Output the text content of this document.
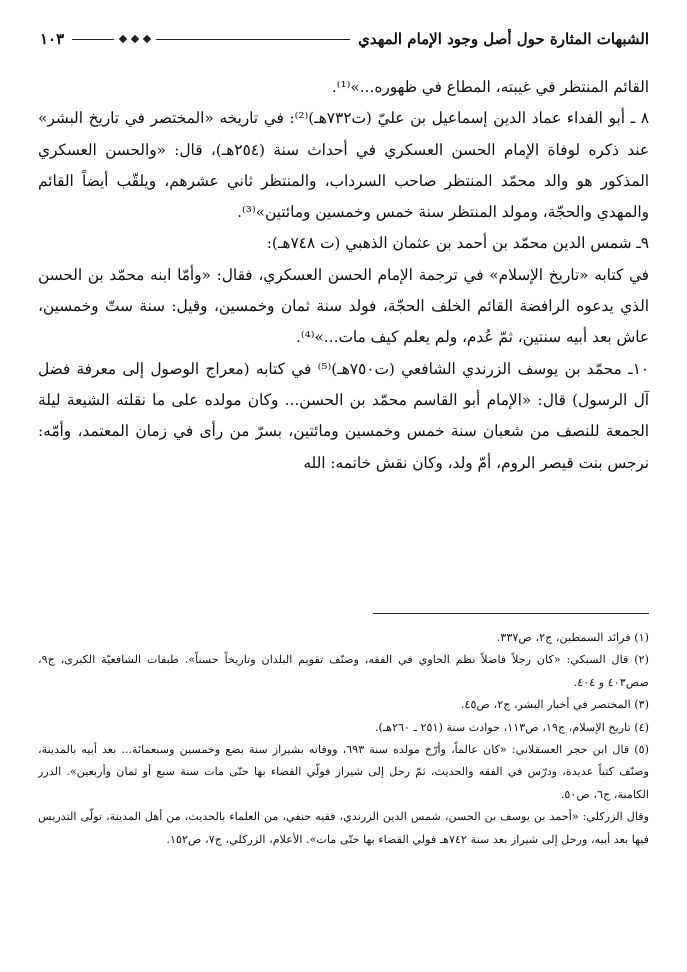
الشبهات المثارة حول أصل وجود الإمام المهدي
١٠٣

القائم المنتظر في غيبته، المطاع في ظهوره...»⁽¹⁾.

٨ ـ أبو الفداء عماد الدين إسماعيل بن عليّ (ت٧٣٢هـ)⁽²⁾: في تاريخه «المختصر في تاريخ البشر» عند ذكره لوفاة الإمام الحسن العسكري في أحداث سنة (٢٥٤هـ)، قال: «والحسن العسكري المذكور هو والد محمّد المنتظر صاحب السرداب، والمنتظر ثاني عشرهم، ويلقّب أيضاً القائم والمهدي والحجّة، ومولد المنتظر سنة خمس وخمسين ومائتين»⁽³⁾.

٩ـ شمس الدين محمّد بن أحمد بن عثمان الذهبي (ت ٧٤٨هـ):

في كتابه «تاريخ الإسلام» في ترجمة الإمام الحسن العسكري، فقال: «وأمّا ابنه محمّد بن الحسن الذي يدعوه الرافضة القائم الخلف الحجّة، فولد سنة ثمان وخمسين، وقيل: سنة ستّ وخمسين، عاش بعد أبيه سنتين، ثمّ عُدم، ولم يعلم كيف مات...»⁽⁴⁾.

١٠ـ محمّد بن يوسف الزرندي الشافعي (ت٧٥٠هـ)⁽⁵⁾ في كتابه (معراج الوصول إلى معرفة فضل آل الرسول) قال: «الإمام أبو القاسم محمّد بن الحسن... وكان مولده على ما نقلته الشيعة ليلة الجمعة للنصف من شعبان سنة خمس وخمسين ومائتين، بسرّ من رأى في زمان المعتمد، وأمّه: نرجس بنت قيصر الروم، أمّ ولد، وكان نقش خاتمه: الله

(١) فرائد السمطين، ج٢، ص٣٣٧.

(٢) قال السبكي: «كان رجلاً فاضلاً نظم الحاوي في الفقه، وصنّف تقويم البلدان وتاريخاً حسناً». طبقات الشافعيّة الكبرى، ج٩، صص٤٠٣ و ٤٠٤.

(٣) المختصر في أخبار البشر، ج٢، ص٤٥.

(٤) تاريخ الإسلام، ج١٩، ص١١٣، حوادث سنة (٢٥١ ـ ٢٦٠هـ).

(٥) قال ابن حجر العسقلاني: «كان عالماً، وأرّخ مولده سنة ٦٩٣، ووفاته بشيراز سنة بضع وخمسين وسبعمائة... بعد أبيه بالمدينة، وصنّف كتباً عديدة، ودرّس في الفقه والحديث، ثمّ رحل إلى شيراز فولّي القضاء بها حتّى مات سنة سبع أو ثمان وأربعين». الدرر الكامنة، ج٦، ص٥٠.

وقال الزركلي: «أحمد بن يوسف بن الحسن، شمس الدين الزرندي، فقيه حنفي، من العلماء بالحديث، من أهل المدينة، تولّى التدريس فيها بعد أبيه، ورحل إلى شيراز بعد سنة ٧٤٢هـ فولي القضاء بها حتّى مات». الأعلام، الزركلي، ج٧، ص١٥٢.
